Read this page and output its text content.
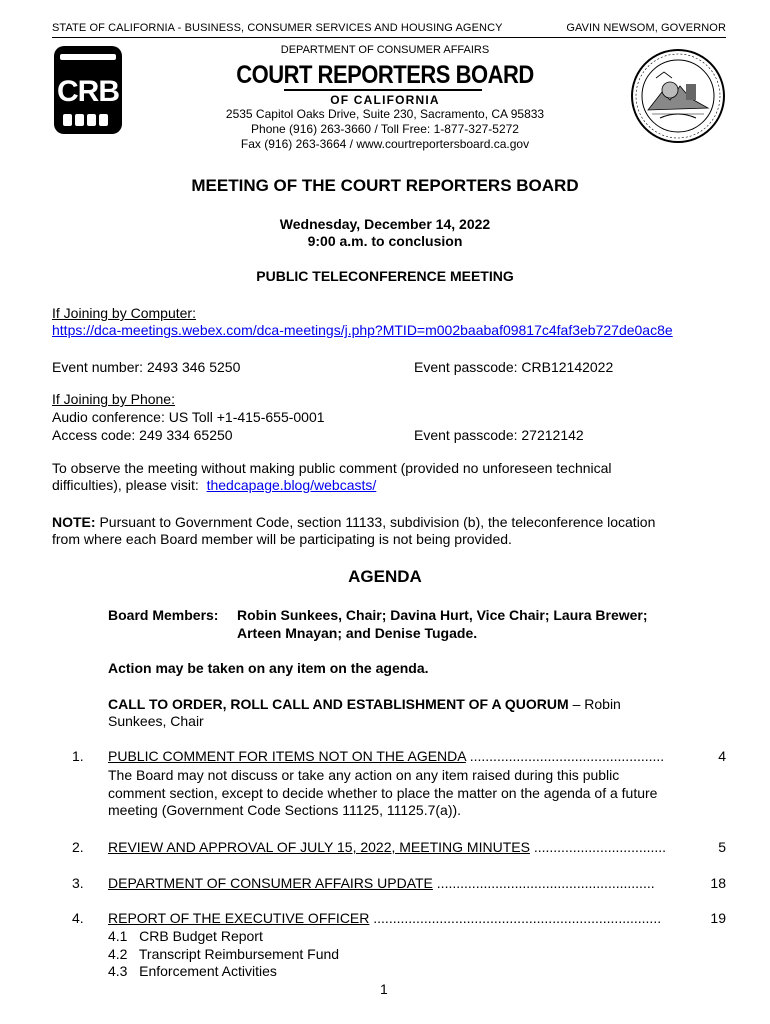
STATE OF CALIFORNIA - BUSINESS, CONSUMER SERVICES AND HOUSING AGENCY	GAVIN NEWSOM, GOVERNOR
CRB
DEPARTMENT OF CONSUMER AFFAIRS
COURT REPORTERS BOARD
OF CALIFORNIA
2535 Capitol Oaks Drive, Suite 230, Sacramento, CA 95833
Phone (916) 263-3660 / Toll Free: 1-877-327-5272
Fax (916) 263-3664 / www.courtreportersboard.ca.gov
MEETING OF THE COURT REPORTERS BOARD
Wednesday, December 14, 2022
9:00 a.m. to conclusion
PUBLIC TELECONFERENCE MEETING
If Joining by Computer:
https://dca-meetings.webex.com/dca-meetings/j.php?MTID=m002baabaf09817c4faf3eb727de0ac8e
Event number: 2493 346 5250	Event passcode: CRB12142022
If Joining by Phone:
Audio conference: US Toll +1-415-655-0001
Access code: 249 334 65250	Event passcode: 27212142
To observe the meeting without making public comment (provided no unforeseen technical
difficulties), please visit:  thedcapage.blog/webcasts/
NOTE: Pursuant to Government Code, section 11133, subdivision (b), the teleconference location
from where each Board member will be participating is not being provided.
AGENDA
Board Members: Robin Sunkees, Chair; Davina Hurt, Vice Chair; Laura Brewer;
Arteen Mnayan; and Denise Tugade.
Action may be taken on any item on the agenda.
CALL TO ORDER, ROLL CALL AND ESTABLISHMENT OF A QUORUM – Robin
Sunkees, Chair
1. PUBLIC COMMENT FOR ITEMS NOT ON THE AGENDA ..................................................	4
The Board may not discuss or take any action on any item raised during this public
comment section, except to decide whether to place the matter on the agenda of a future
meeting (Government Code Sections 11125, 11125.7(a)).
2. REVIEW AND APPROVAL OF JULY 15, 2022, MEETING MINUTES ..................................	5
3. DEPARTMENT OF CONSUMER AFFAIRS UPDATE ........................................................	18
4. REPORT OF THE EXECUTIVE OFFICER ..........................................................................	19
4.1   CRB Budget Report
4.2   Transcript Reimbursement Fund
4.3   Enforcement Activities
1
